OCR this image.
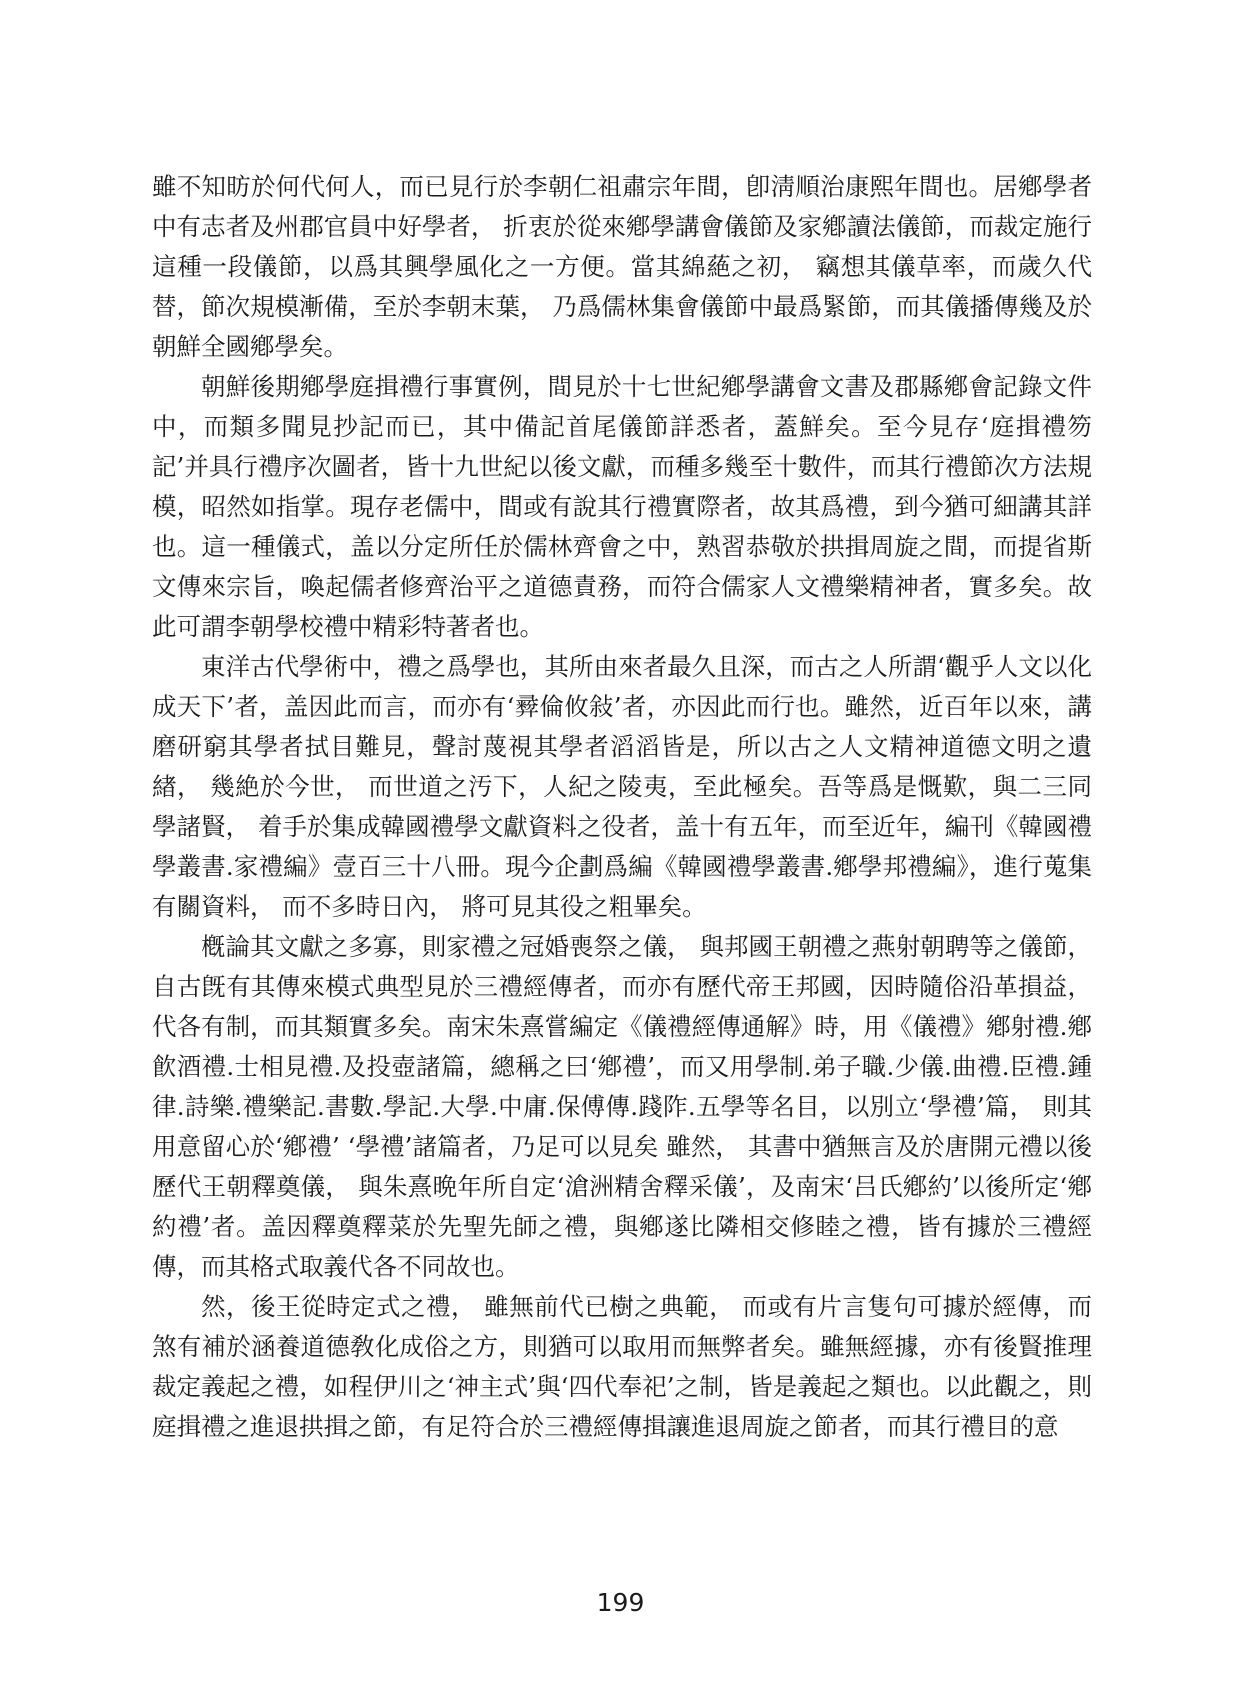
雖不知昉於何代何人，而已見行於李朝仁祖肅宗年間，卽淸順治康熙年間也。居鄕學者中有志者及州郡官員中好學者， 折衷於從來鄕學講會儀節及家鄕讀法儀節，而裁定施行這種一段儀節，以爲其興學風化之一方便。當其綿蕝之初， 竊想其儀草率，而歲久代替，節次規模漸備，至於李朝末葉， 乃爲儒林集會儀節中最爲緊節，而其儀播傳幾及於朝鮮全國鄕學矣。

朝鮮後期鄕學庭揖禮行事實例，間見於十七世紀鄕學講會文書及郡縣鄕會記錄文件中，而類多聞見抄記而已，其中備記首尾儀節詳悉者，蓋鮮矣。至今見存‘庭揖禮笏記’并具行禮序次圖者，皆十九世紀以後文獻，而種多幾至十數件，而其行禮節次方法規模，昭然如指掌。現存老儒中，間或有說其行禮實際者，故其爲禮，到今猶可細講其詳也。這一種儀式，盖以分定所任於儒林齊會之中，熟習恭敬於拱揖周旋之間，而提省斯文傳來宗旨，喚起儒者修齊治平之道德責務，而符合儒家人文禮樂精神者，實多矣。故此可謂李朝學校禮中精彩特著者也。

東洋古代學術中，禮之爲學也，其所由來者最久且深，而古之人所謂‘觀乎人文以化成天下’者，盖因此而言，而亦有‘彛倫攸敍’者，亦因此而行也。雖然，近百年以來，講磨研窮其學者拭目難見，聲討蔑視其學者滔滔皆是，所以古之人文精神道德文明之遺緖， 幾絶於今世， 而世道之汚下，人紀之陵夷，至此極矣。吾等爲是慨歎，與二三同學諸賢， 着手於集成韓國禮學文獻資料之役者，盖十有五年，而至近年，編刊《韓國禮學叢書.家禮編》壹百三十八冊。現今企劃爲編《韓國禮學叢書.鄕學邦禮編》，進行蒐集有關資料， 而不多時日內， 將可見其役之粗畢矣。

槪論其文獻之多寡，則家禮之冠婚喪祭之儀， 與邦國王朝禮之燕射朝聘等之儀節，自古旣有其傳來模式典型見於三禮經傳者，而亦有歷代帝王邦國，因時隨俗沿革損益，代各有制，而其類實多矣。南宋朱熹嘗編定《儀禮經傳通解》時，用《儀禮》鄕射禮.鄕飮酒禮.士相見禮.及投壺諸篇，總稱之曰‘鄕禮’，而又用學制.弟子職.少儀.曲禮.臣禮.鍾律.詩樂.禮樂記.書數.學記.大學.中庸.保傅傳.踐阼.五學等名目，以別立‘學禮’篇， 則其用意留心於‘鄕禮’ ‘學禮’諸篇者，乃足可以見矣 雖然， 其書中猶無言及於唐開元禮以後歷代王朝釋奠儀， 與朱熹晩年所自定‘滄洲精舍釋采儀’，及南宋‘吕氏鄕約’以後所定‘鄕約禮’者。盖因釋奠釋菜於先聖先師之禮，與鄕遂比隣相交修睦之禮，皆有據於三禮經傳，而其格式取義代各不同故也。

然，後王從時定式之禮， 雖無前代已樹之典範， 而或有片言隻句可據於經傳，而煞有補於涵養道德敎化成俗之方，則猶可以取用而無弊者矣。雖無經據，亦有後賢推理裁定義起之禮，如程伊川之‘神主式’與‘四代奉祀’之制，皆是義起之類也。以此觀之，則庭揖禮之進退拱揖之節，有足符合於三禮經傳揖讓進退周旋之節者，而其行禮目的意

199
